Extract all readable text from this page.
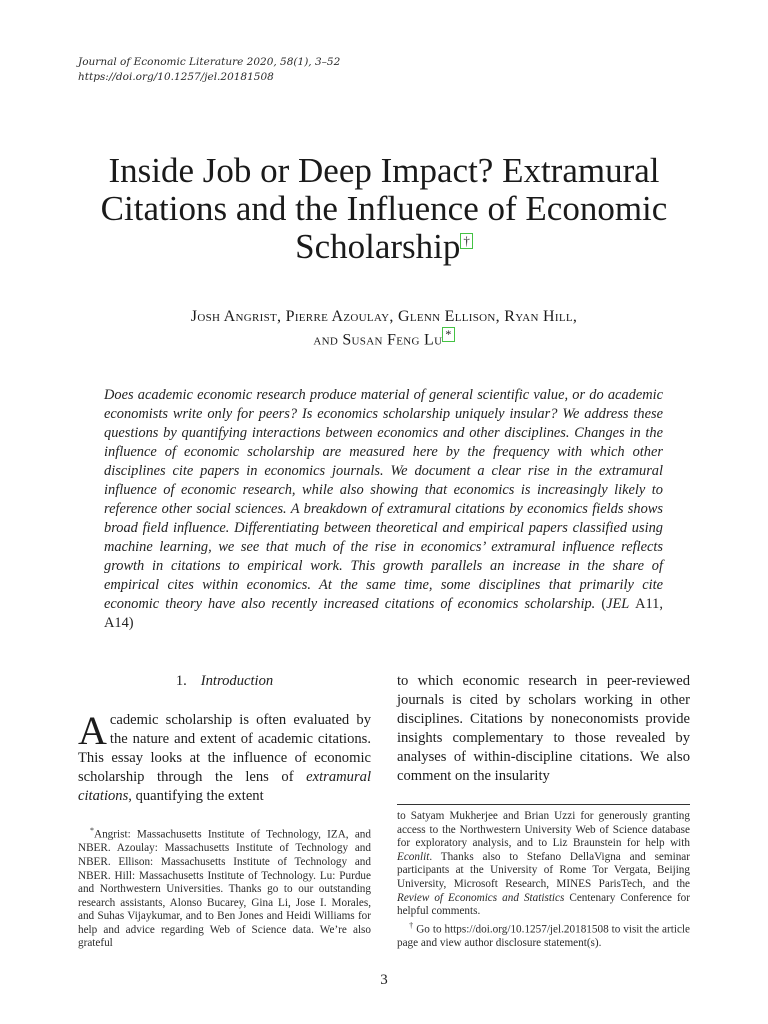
Journal of Economic Literature 2020, 58(1), 3–52
https://doi.org/10.1257/jel.20181508
Inside Job or Deep Impact? Extramural Citations and the Influence of Economic Scholarship †
Josh Angrist, Pierre Azoulay, Glenn Ellison, Ryan Hill,
and Susan Feng Lu *
Does academic economic research produce material of general scientific value, or do academic economists write only for peers? Is economics scholarship uniquely insular? We address these questions by quantifying interactions between economics and other disciplines. Changes in the influence of economic scholarship are measured here by the frequency with which other disciplines cite papers in economics journals. We document a clear rise in the extramural influence of economic research, while also showing that economics is increasingly likely to reference other social sciences. A breakdown of extramural citations by economics fields shows broad field influence. Differentiating between theoretical and empirical papers classified using machine learning, we see that much of the rise in economics’ extramural influence reflects growth in citations to empirical work. This growth parallels an increase in the share of empirical cites within economics. At the same time, some disciplines that primarily cite economic theory have also recently increased citations of economics scholarship. (JEL A11, A14)
1. Introduction
Academic scholarship is often evaluated by the nature and extent of academic citations. This essay looks at the influence of economic scholarship through the lens of extramural citations, quantifying the extent
to which economic research in peer-reviewed journals is cited by scholars working in other disciplines. Citations by noneconomists provide insights complementary to those revealed by analyses of within-discipline citations. We also comment on the insularity
*Angrist: Massachusetts Institute of Technology, IZA, and NBER. Azoulay: Massachusetts Institute of Technology and NBER. Ellison: Massachusetts Institute of Technology and NBER. Hill: Massachusetts Institute of Technology. Lu: Purdue and Northwestern Universities. Thanks go to our outstanding research assistants, Alonso Bucarey, Gina Li, Jose I. Morales, and Suhas Vijaykumar, and to Ben Jones and Heidi Williams for help and advice regarding Web of Science data. We’re also grateful
to Satyam Mukherjee and Brian Uzzi for generously granting access to the Northwestern University Web of Science database for exploratory analysis, and to Liz Braunstein for help with Econlit. Thanks also to Stefano DellaVigna and seminar participants at the University of Rome Tor Vergata, Beijing University, Microsoft Research, MINES ParisTech, and the Review of Economics and Statistics Centenary Conference for helpful comments.
† Go to https://doi.org/10.1257/jel.20181508 to visit the article page and view author disclosure statement(s).
3
